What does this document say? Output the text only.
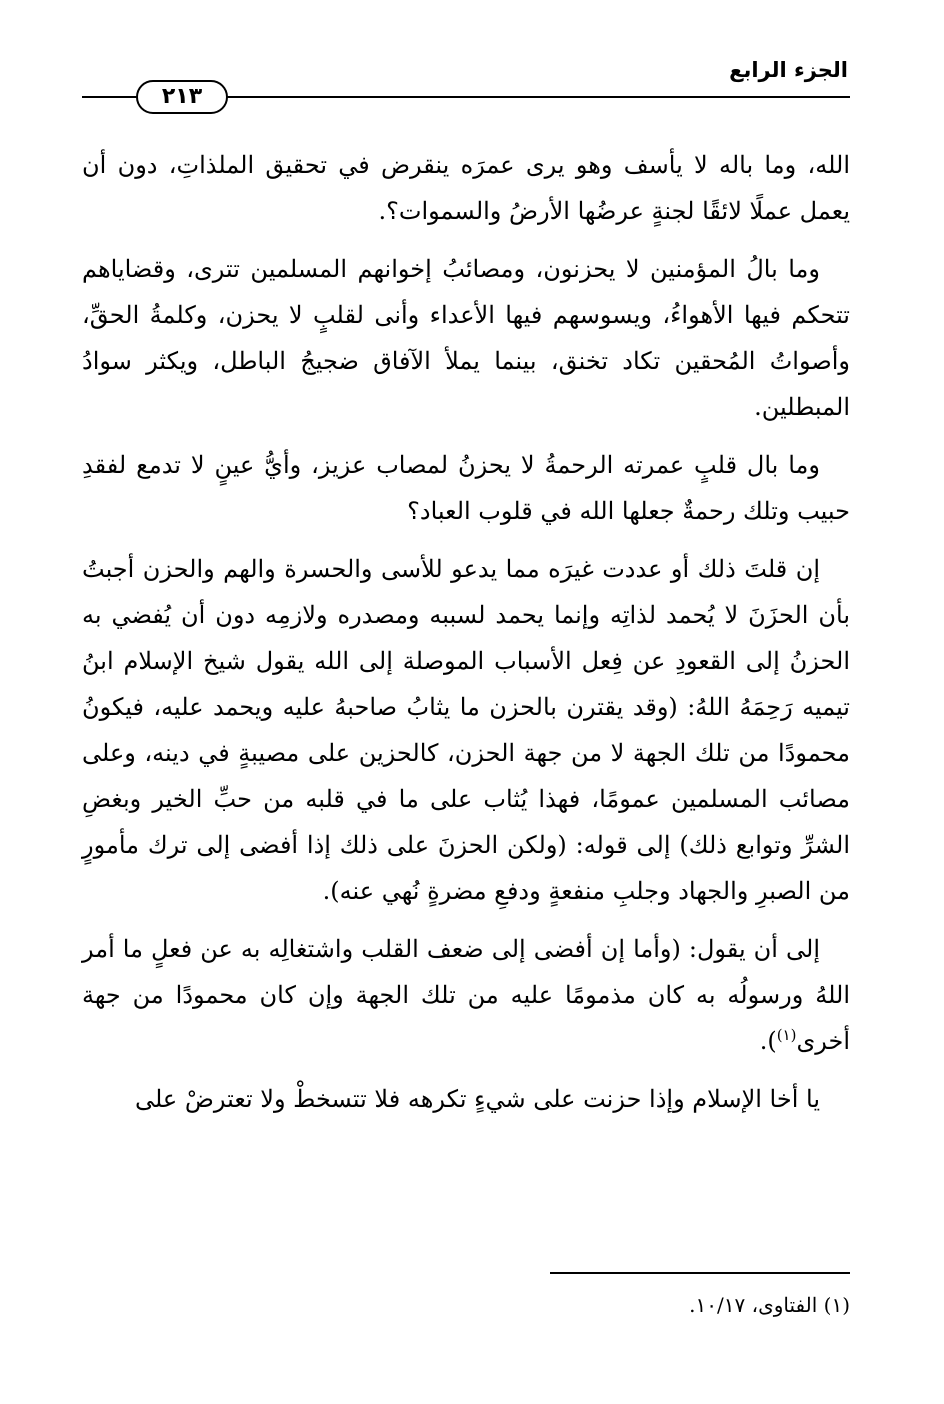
الجزء الرابع
٢١٣

الله، وما باله لا يأسف وهو يرى عمرَه ينقرض في تحقيق الملذاتِ، دون أن يعمل عملًا لائقًا لجنةٍ عرضُها الأرضُ والسموات؟.

وما بالُ المؤمنين لا يحزنون، ومصائبُ إخوانهم المسلمين تترى، وقضاياهم تتحكم فيها الأهواءُ، ويسوسهم فيها الأعداء وأنى لقلبٍ لا يحزن، وكلمةُ الحقِّ، وأصواتُ المُحقين تكاد تخنق، بينما يملأ الآفاق ضجيجُ الباطل، ويكثر سوادُ المبطلين.

وما بال قلبٍ عمرته الرحمةُ لا يحزنُ لمصاب عزيز، وأيُّ عينٍ لا تدمع لفقدِ حبيب وتلك رحمةٌ جعلها الله في قلوب العباد؟

إن قلتَ ذلك أو عددت غيرَه مما يدعو للأسى والحسرة والهم والحزن أجبتُ بأن الحزَنَ لا يُحمد لذاتِه وإنما يحمد لسببه ومصدره ولازمِه دون أن يُفضي به الحزنُ إلى القعودِ عن فِعل الأسباب الموصلة إلى الله يقول شيخ الإسلام ابنُ تيميه رَحِمَهُ اللهُ: (وقد يقترن بالحزن ما يثابُ صاحبهُ عليه ويحمد عليه، فيكونُ محمودًا من تلك الجهة لا من جهة الحزن، كالحزين على مصيبةٍ في دينه، وعلى مصائب المسلمين عمومًا، فهذا يُثاب على ما في قلبه من حبِّ الخير وبغضِ الشرِّ وتوابع ذلك) إلى قوله: (ولكن الحزنَ على ذلك إذا أفضى إلى ترك مأمورٍ من الصبرِ والجهاد وجلبِ منفعةٍ ودفعِ مضرةٍ نُهي عنه).

إلى أن يقول: (وأما إن أفضى إلى ضعف القلب واشتغالِه به عن فعلٍ ما أمر اللهُ ورسولُه به كان مذمومًا عليه من تلك الجهة وإن كان محمودًا من جهة أخرى$^{(١)}$).

يا أخا الإسلام وإذا حزنت على شيءٍ تكرهه فلا تتسخطْ ولا تعترضْ على

(١) الفتاوى، ١٠/١٧.
